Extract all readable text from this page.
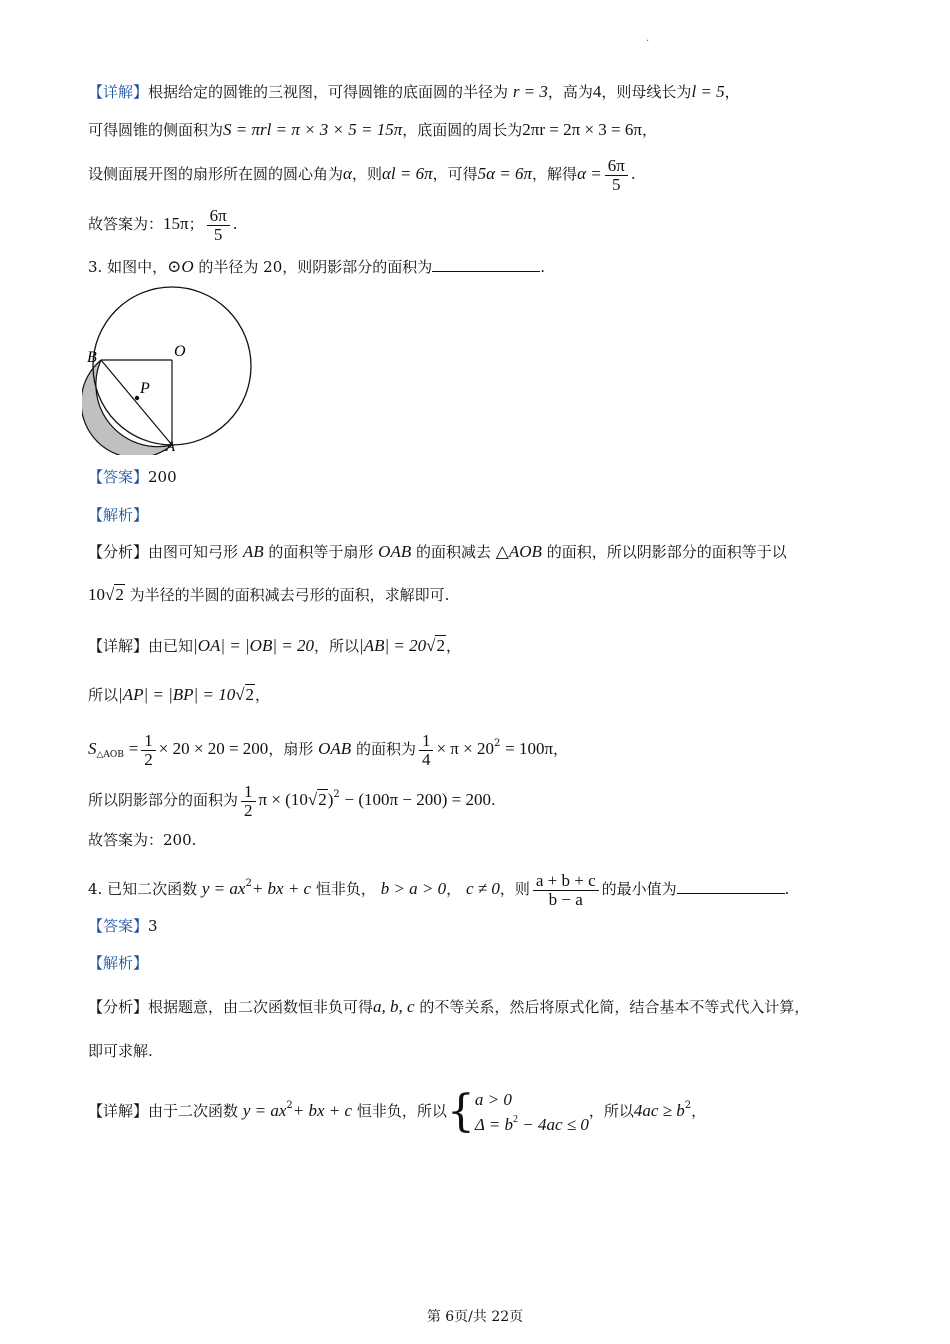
.
【详解】根据给定的圆锥的三视图，可得圆锥的底面圆的半径为 r = 3，高为4，则母线长为l = 5，
可得圆锥的侧面积为S = πrl = π × 3 × 5 = 15π，底面圆的周长为2πr = 2π × 3 = 6π，
设侧面展开图的扇形所在圆的圆心角为α，则αl = 6π，可得5α = 6π，解得$\alpha = \frac{6\pi}{5}$ .
故答案为：15π； $\frac{6\pi}{5}$ .
3. 如图中，⊙O 的半径为 20，则阴影部分的面积为	.
B	O
P
A
【答案】200
【解析】
【分析】由图可知弓形 AB 的面积等于扇形 OAB 的面积减去 △AOB 的面积，所以阴影部分的面积等于以
10√2 为半径的半圆的面积减去弓形的面积，求解即可.
【详解】由已知|OA| = |OB| = 20，所以|AB| = 20√2，
所以|AP| = |BP| = 10√2，
$S_{\triangle AOB} = \frac{1}{2} \times 20 \times 20 = 200$，扇形 OAB 的面积为 $\frac{1}{4} \times \pi \times 20^2 = 100\pi$，
所以阴影部分的面积为 $\frac{1}{2}$ $\pi \times (10√2)^2 - (100\pi - 200) = 200$.
故答案为：200.
4. 已知二次函数 $y = ax^2+$ bx + c 恒非负， b > a > 0， c ≠ 0，则 $\frac{a + b + c}{b - a}$ 的最小值为	.
【答案】3
【解析】
【分析】根据题意，由二次函数恒非负可得a, b, c 的不等关系，然后将原式化简，结合基本不等式代入计算，
即可求解.
【详解】由于二次函数 $y = ax^2+$ bx + c 恒非负，所以{ a > 0
$\Delta = b^2 - 4ac \le 0$
，所以$4ac \ge b^2$，
第 6页/共 22页
